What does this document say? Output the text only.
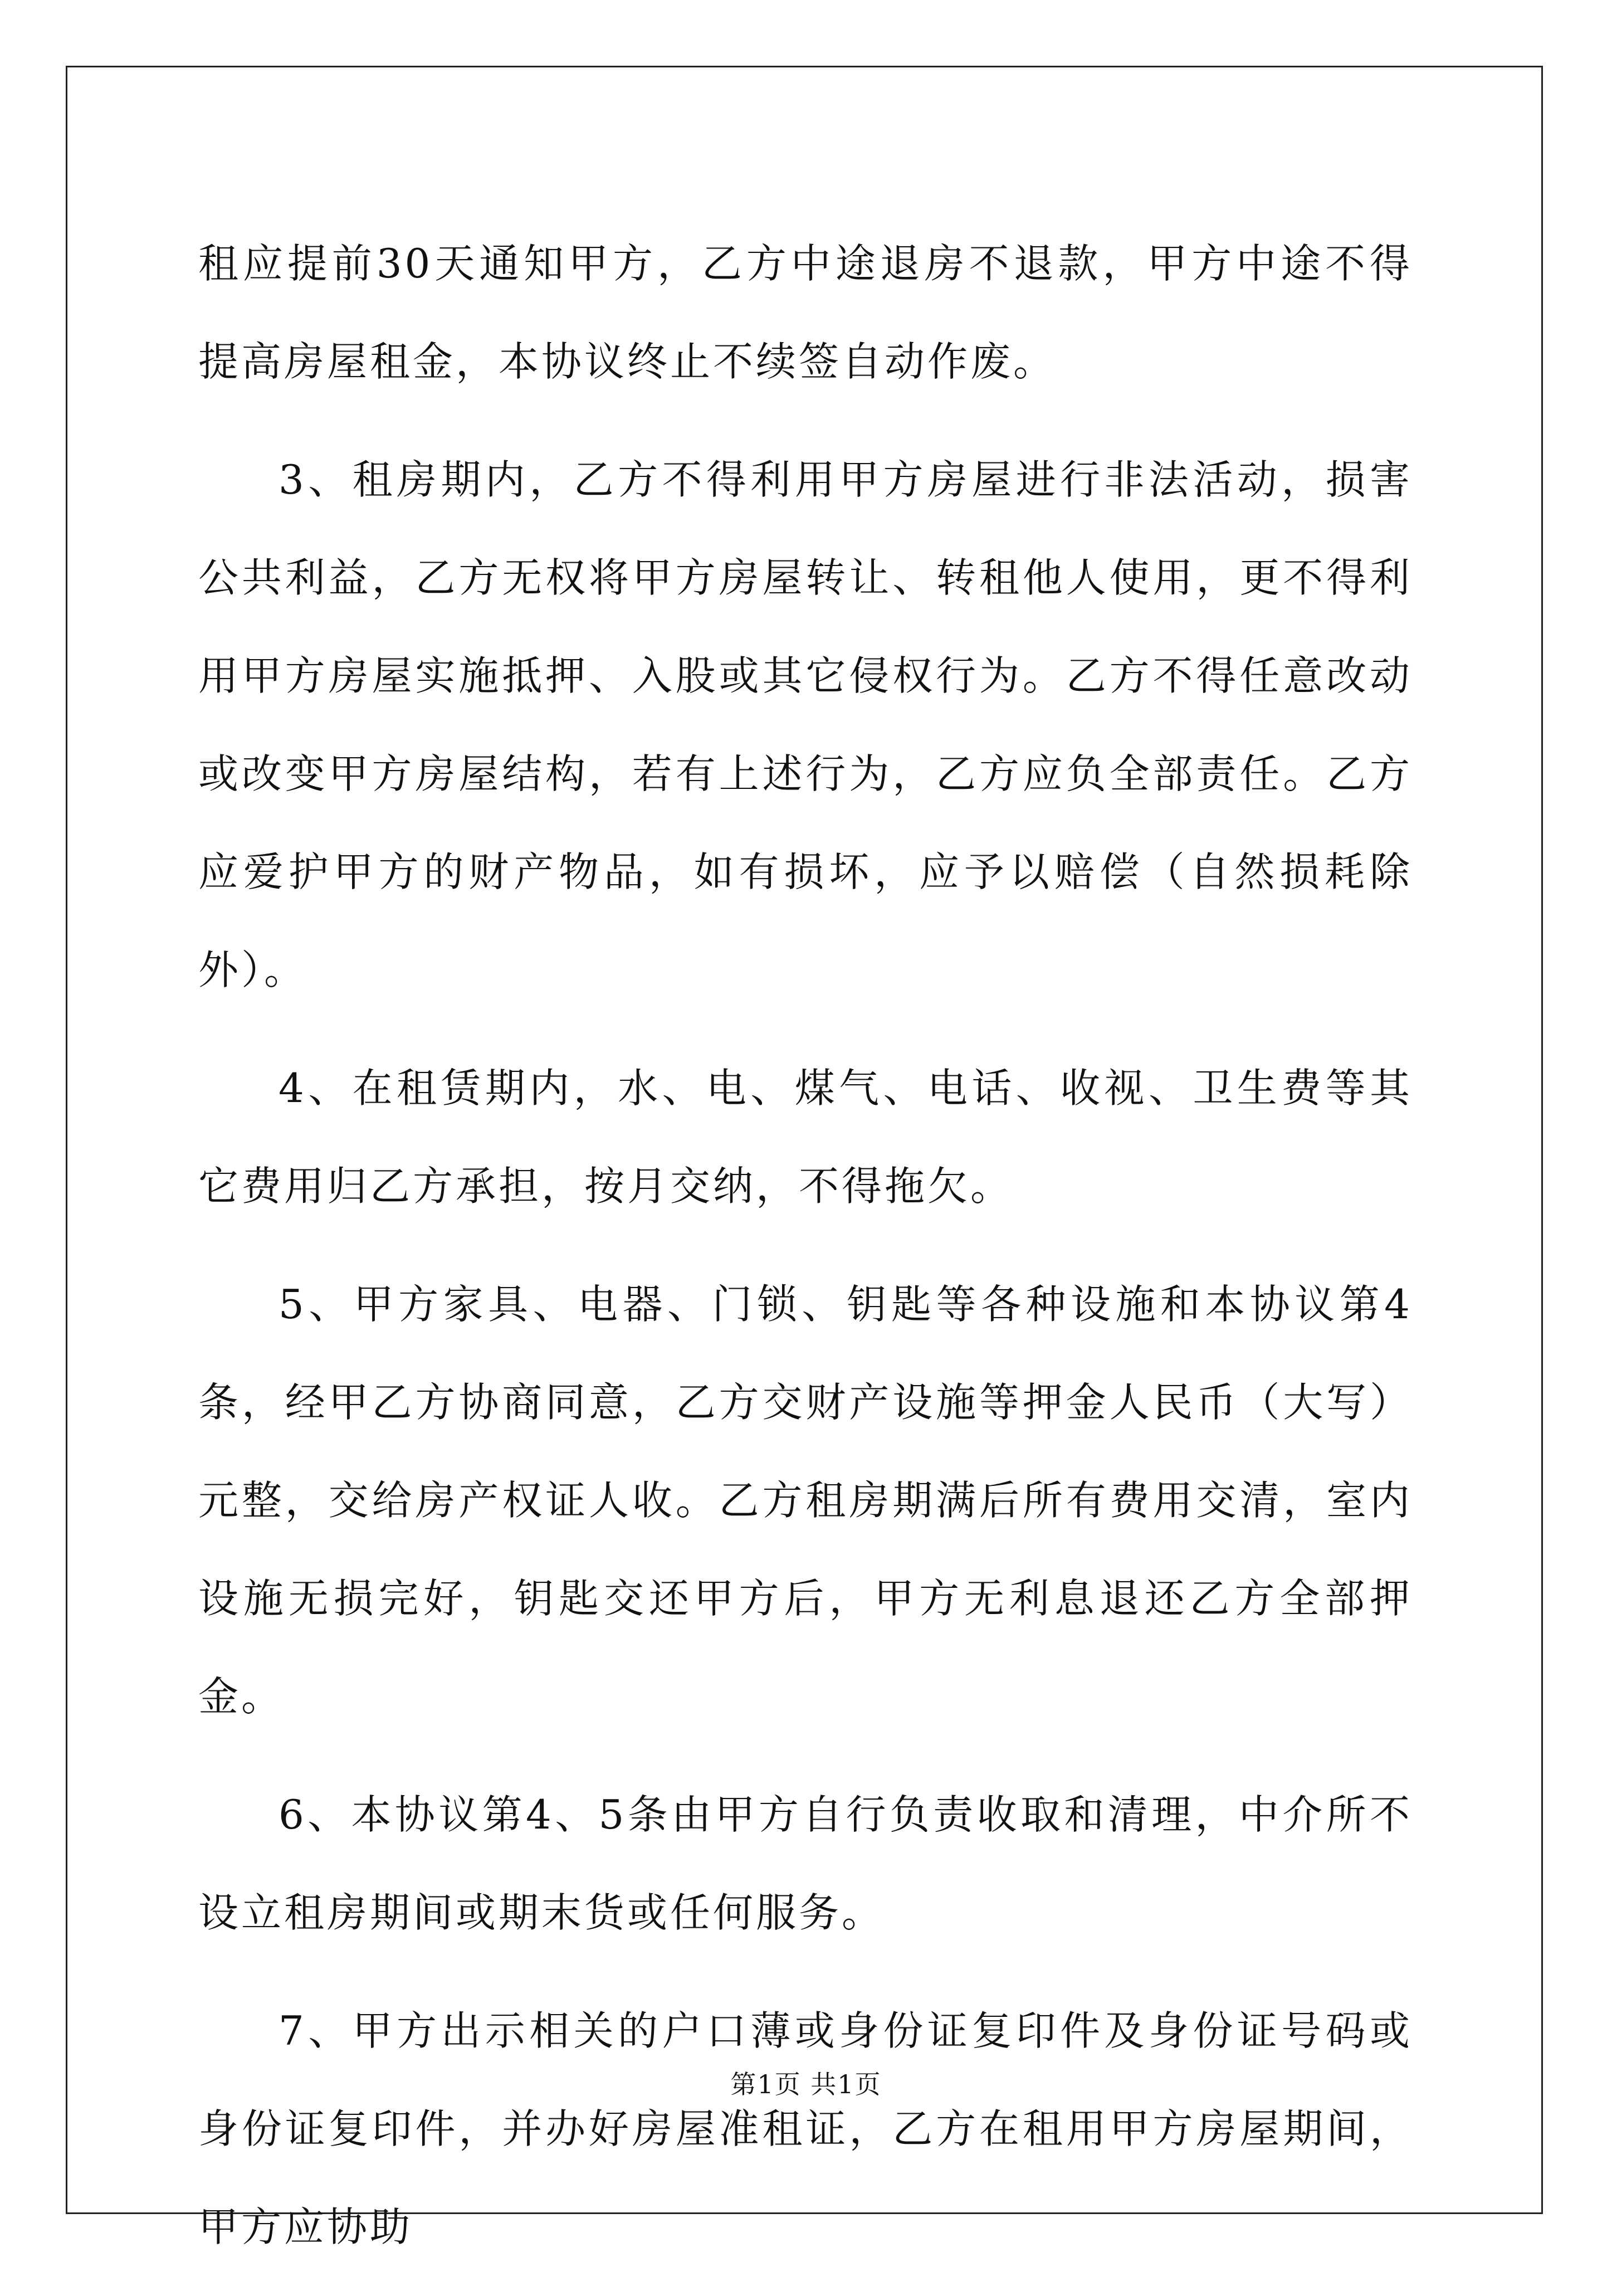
租应提前30天通知甲方，乙方中途退房不退款，甲方中途不得提高房屋租金，本协议终止不续签自动作废。

3、租房期内，乙方不得利用甲方房屋进行非法活动，损害公共利益，乙方无权将甲方房屋转让、转租他人使用，更不得利用甲方房屋实施抵押、入股或其它侵权行为。乙方不得任意改动或改变甲方房屋结构，若有上述行为，乙方应负全部责任。乙方应爱护甲方的财产物品，如有损坏，应予以赔偿（自然损耗除外）。

4、在租赁期内，水、电、煤气、电话、收视、卫生费等其它费用归乙方承担，按月交纳，不得拖欠。

5、甲方家具、电器、门锁、钥匙等各种设施和本协议第4条，经甲乙方协商同意，乙方交财产设施等押金人民币（大写）元整，交给房产权证人收。乙方租房期满后所有费用交清，室内设施无损完好，钥匙交还甲方后，甲方无利息退还乙方全部押金。

6、本协议第4、5条由甲方自行负责收取和清理，中介所不设立租房期间或期末货或任何服务。

7、甲方出示相关的户口薄或身份证复印件及身份证号码或身份证复印件，并办好房屋准租证，乙方在租用甲方房屋期间，甲方应协助

第1页 共1页
